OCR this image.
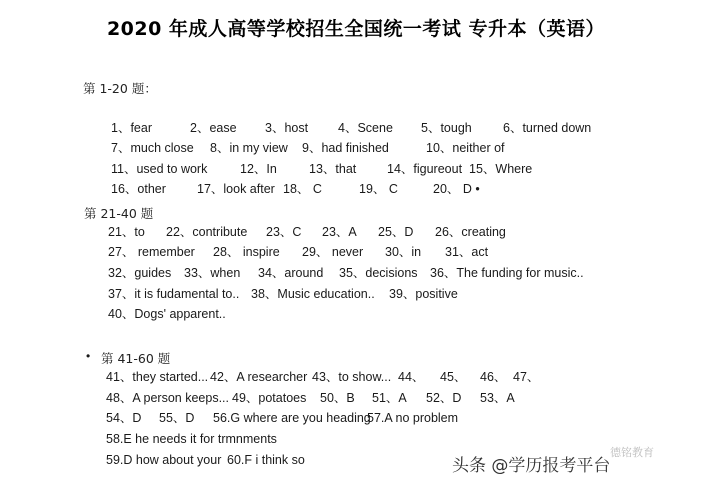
2020 年成人高等学校招生全国统一考试 专升本（英语）
第 1-20 题：
第 21-40 题
• 第 41-60 题
1、fear	2、ease 3、host 4、Scene 5、tough	6、turned down
7、much close 8、in my view 9、had finished	10、neither of
11、used to work	12、In	13、that 14、figureout 15、Where
16、other 17、look after 18、 C	19、 C	20、 D •
21、to 22、contribute 23、C 23、A 25、D 26、creating
27、 remember 28、 inspire 29、 never 30、in 31、act
32、guides 33、when 34、around 35、decisions 36、The funding for music..
37、it is fudamental to.. 38、Music education.. 39、positive
40、Dogs' apparent..
41、they started... 42、A researcher 43、to show... 44、 45、 46、 47、
48、A person keeps... 49、potatoes 50、B 51、A 52、D 53、A
54、D 55、D 56.G where are you heading
57.A no problem
58.E he needs it for trmnments
59.D how about your 60.F i think so	德铭教育
头条 @学历报考平台
